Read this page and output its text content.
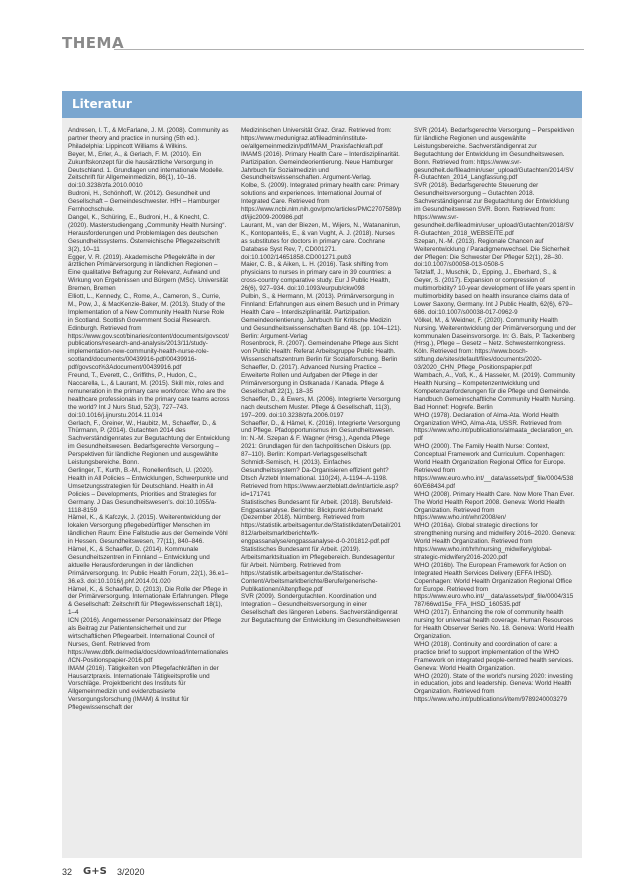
THEMA
Literatur

Andresen, I. T., & McFarlane, J. M. (2008). Community as partner theory and practice in nursing (5th ed.). Philadelphia: Lippincott Williams & Wilkins.

Beyer, M., Erler, A., & Gerlach, F. M. (2010). Ein Zukunftskonzept für die hausärztliche Versorgung in Deutschland. 1. Grundlagen und internationale Modelle. Zeitschrift für Allgemeinmedizin, 86(1), 10–16. doi:10.3238/zfa.2010.0010

Budroni, H., Schönhoff, W. (2012). Gesundheit und Gesellschaft – Gemeindeschwester. HfH – Hamburger Fernhochschule.

Dangel, K., Schüring, E., Budroni, H., & Knecht, C. (2020). Masterstudiengang „Community Health Nursing“. Herausforderungen und Problemlagen des deutschen Gesundheitssystems. Österreichische Pflegezeitschrift 3(2), 10–11

Egger, V. R. (2019). Akademische Pflegekräfte in der ärztlichen Primärversorgung in ländlichen Regionen – Eine qualitative Befragung zur Relevanz, Aufwand und Wirkung von Ergebnissen und Bürgern (MSc). Universität Bremen, Bremen

Elliott, L., Kennedy, C., Rome, A., Cameron, S., Currie, M., Pow, J., & MacKenzie-Baker, M. (2013). Study of the Implementation of a New Community Health Nurse Role in Scotland. Scottish Government Social Research. Edinburgh. Retrieved from https://www.gov.scot/binaries/content/documents/govscot/publications/research-and-analysis/2013/11/study-implementation-new-community-health-nurse-role-scotland/documents/00439916-pdf/00439916-pdf/govscot%3Adocument/00439916.pdf

Freund, T., Everett, C., Griffiths, P., Hudon, C., Naccarella, L., & Laurant, M. (2015). Skill mix, roles and remuneration in the primary care workforce: Who are the healthcare professionals in the primary care teams across the world? Int J Nurs Stud, 52(3), 727–743. doi:10.1016/j.ijnurstu.2014.11.014

Gerlach, F., Greiner, W., Haubitz, M., Schaeffer, D., & Thürmann, P. (2014). Gutachten 2014 des Sachverständigenrates zur Begutachtung der Entwicklung im Gesundheitswesen. Bedarfsgerechte Versorgung – Perspektiven für ländliche Regionen und ausgewählte Leistungsbereiche. Bonn.

Gerlinger, T., Kurth, B.-M., Ronellenfitsch, U. (2020). Health in All Policies – Entwicklungen, Schwerpunkte und Umsetzungsstrategien für Deutschland. Health in All Policies – Developments, Priorities and Strategies for Germany. J Das Gesundheitswesen's. doi:10.1055/a-1118-8159

Hämel, K., & Kafczyk, J. (2015). Weiterentwicklung der lokalen Versorgung pflegebedürftiger Menschen im ländlichen Raum: Eine Fallstudie aus der Gemeinde Vöhl in Hessen. Gesundheitswesen, 77(11), 840–846.

Hämel, K., & Schaeffer, D. (2014). Kommunale Gesundheitszentren in Finnland – Entwicklung und aktuelle Herausforderungen in der ländlichen Primärversorgung. In: Public Health Forum, 22(1), 36.e1–36.e3. doi:10.1016/j.phf.2014.01.020

Hämel, K., & Schaeffer, D. (2013). Die Rolle der Pflege in der Primärversorgung. Internationale Erfahrungen. Pflege & Gesellschaft: Zeitschrift für Pflegewissenschaft 18(1), 1–4

ICN (2016). Angemessener Personaleinsatz der Pflege als Beitrag zur Patientensicherheit und zur wirtschaftlichen Pflegearbeit. International Council of Nurses, Genf. Retrieved from https://www.dbfk.de/media/docs/download/Internationales/ICN-Positionspapier-2016.pdf

IMAM (2016). Tätigkeiten von Pflegefachkräften in der Hausarztpraxis. Internationale Tätigkeitsprofile und Vorschläge. Projektbericht des Instituts für Allgemeinmedizin und evidenzbasierte Versorgungsforschung (IMAM) & Institut für Pflegewissenschaft der

Medizinischen Universität Graz. Graz. Retrieved from: https://www.medunigraz.at/fileadmin/institute-oe/allgemeinmedizin/pdf/IMAM_Praxisfachkraft.pdf

IMAMS (2016). Primary Health Care – Interdisziplinarität. Partizipation. Gemeindeorientierung. Neue Hamburger Jahrbuch für Sozialmedizin und Gesundheitswissenschaften. Argument-Verlag.

Kolbe, S. (2009). Integrated primary health care: Primary solutions and experiences. International Journal of Integrated Care. Retrieved from https://www.ncbi.nlm.nih.gov/pmc/articles/PMC2707589/pdf/ijic2009-200986.pdf

Laurant, M., van der Biezen, M., Wijers, N., Watananirun, K., Kontopantelis, E., & van Vught, A. J. (2018). Nurses as substitutes for doctors in primary care. Cochrane Database Syst Rev, 7, CD001271. doi:10.1002/14651858.CD001271.pub3

Maier, C. B., & Aiken, L. H. (2016). Task shifting from physicians to nurses in primary care in 39 countries: a cross-country comparative study. Eur J Public Health, 26(6), 927–934. doi:10.1093/eurpub/ckw098

Pulbin, S., & Hermann, M. (2013). Primärversorgung in Finnland: Erfahrungen aus einem Besuch und in Primary Health Care – Interdisziplinarität. Partizipation. Gemeindeorientierung. Jahrbuch für Kritische Medizin und Gesundheitswissenschaften Band 48. (pp. 104–121). Berlin: Argument-Verlag

Rosenbrock, R. (2007). Gemeindenahe Pflege aus Sicht von Public Health: Referat Arbeitsgruppe Public Health. Wissenschaftszentrum Berlin für Sozialforschung. Berlin

Schaeffer, D. (2017). Advanced Nursing Practice – Erweiterte Rollen und Aufgaben der Pflege in der Primärversorgung in Ostkanada / Kanada. Pflege & Gesellschaft 22(1), 18–35

Schaeffer, D., & Ewers, M. (2006). Integrierte Versorgung nach deutschem Muster. Pflege & Gesellschaft, 11(3), 197–209. doi:10.3238/zfa.2006.0197

Schaeffer, D., & Hämel, K. (2016). Integrierte Versorgung und Pflege. Pfadopportunismus im Gesundheitswesen. In: N.-M. Szepan & F. Wagner (Hrsg.), Agenda Pflege 2021: Grundlagen für den fachpolitischen Diskurs (pp. 87–110). Berlin: Kompart-Verlagsgesellschaft

Schmidt-Semisch, H. (2013). Einfaches Gesundheitssystem? Da-Organisieren effizient geht? Dtsch Ärztebl International. 110(24), A-1194–A-1198. Retrieved from https://www.aerzteblatt.de/int/article.asp?id=171741

Statistisches Bundesamt für Arbeit. (2018). Berufsfeld-Engpassanalyse. Berichte: Blickpunkt Arbeitsmarkt (Dezember 2018). Nürnberg. Retrieved from https://statistik.arbeitsagentur.de/Statistikdaten/Detail/201812/arbeitsmarktberichte/fk-engpassanalyse/engpassanalyse-d-0-201812-pdf.pdf

Statistisches Bundesamt für Arbeit. (2019). Arbeitsmarktsituation im Pflegebereich. Bundesagentur für Arbeit. Nürnberg. Retrieved from https://statistik.arbeitsagentur.de/Statischer-Content/Arbeitsmarktberichte/Berufe/generische-Publikationen/Altenpflege.pdf

SVR (2009). Sondergutachten. Koordination und Integration – Gesundheitsversorgung in einer Gesellschaft des längeren Lebens. Sachverständigenrat zur Begutachtung der Entwicklung im Gesundheitswesen

SVR (2014). Bedarfsgerechte Versorgung – Perspektiven für ländliche Regionen und ausgewählte Leistungsbereiche. Sachverständigenrat zur Begutachtung der Entwicklung im Gesundheitswesen. Bonn. Retrieved from: https://www.svr-gesundheit.de/fileadmin/user_upload/Gutachten/2014/SVR-Gutachten_2014_Langfassung.pdf

SVR (2018). Bedarfsgerechte Steuerung der Gesundheitsversorgung – Gutachten 2018. Sachverständigenrat zur Begutachtung der Entwicklung im Gesundheitswesen SVR. Bonn. Retrieved from: https://www.svr-gesundheit.de/fileadmin/user_upload/Gutachten/2018/SVR-Gutachten_2018_WEBSEITE.pdf

Szepan, N.-M. (2013). Regionale Chancen auf Weiterentwicklung / Paradigmenwechsel. Die Sicherheit der Pflegen: Die Schwester Der Pfleger 52(1), 28–30. doi:10.1007/s00058-013-0508-5

Tetzlaff, J., Muschik, D., Epping, J., Eberhard, S., & Geyer, S. (2017). Expansion or compression of multimorbidity? 10-year development of life years spent in multimorbidity based on health insurance claims data of Lower Saxony, Germany. Int J Public Health, 62(6), 679–686. doi:10.1007/s00038-017-0962-9

Völkel, M., & Weidner, F. (2020). Community Health Nursing. Weiterentwicklung der Primärversorgung und der kommunalen Daseinsvorsorge. In: G. Bals, P. Tackenberg (Hrsg.), Pflege – Gesetz – Netz. Schwesternkongress. Köln. Retrieved from: https://www.bosch-stiftung.de/sites/default/files/documents/2020-03/2020_CHN_Pflege_Positionspapier.pdf

Wambach, A., Voß, K., & Hasseler, M. (2019). Community Health Nursing – Kompetenzentwicklung und Kompetenzanforderungen für die Pflege und Gemeinde. Handbuch Gemeinschaftliche Community Health Nursing. Bad Honnef: Hogrefe. Berlin

WHO (1978). Declaration of Alma-Ata. World Health Organization WHO, Alma-Ata, USSR. Retrieved from https://www.who.int/publications/almaata_declaration_en.pdf

WHO (2000). The Family Health Nurse: Context, Conceptual Framework and Curriculum. Copenhagen: World Health Organization Regional Office for Europe. Retrieved from https://www.euro.who.int/__data/assets/pdf_file/0004/53860/E68434.pdf

WHO (2008). Primary Health Care. Now More Than Ever. The World Health Report 2008. Geneva: World Health Organization. Retrieved from https://www.who.int/whr/2008/en/

WHO (2016a). Global strategic directions for strengthening nursing and midwifery 2016–2020. Geneva: World Health Organization. Retrieved from https://www.who.int/hrh/nursing_midwifery/global-strategic-midwifery2016-2020.pdf

WHO (2016b). The European Framework for Action on Integrated Health Services Delivery (EFFA IHSD). Copenhagen: World Health Organization Regional Office for Europe. Retrieved from https://www.euro.who.int/__data/assets/pdf_file/0004/315787/66wd15e_FFA_IHSD_160535.pdf

WHO (2017). Enhancing the role of community health nursing for universal health coverage. Human Resources for Health Observer Series No. 18. Geneva: World Health Organization.

WHO (2018). Continuity and coordination of care: a practice brief to support implementation of the WHO Framework on integrated people-centred health services. Geneva: World Health Organization.

WHO (2020). State of the world's nursing 2020: investing in education, jobs and leadership. Geneva: World Health Organization. Retrieved from https://www.who.int/publications/i/item/9789240003279

32 G+S 3/2020
